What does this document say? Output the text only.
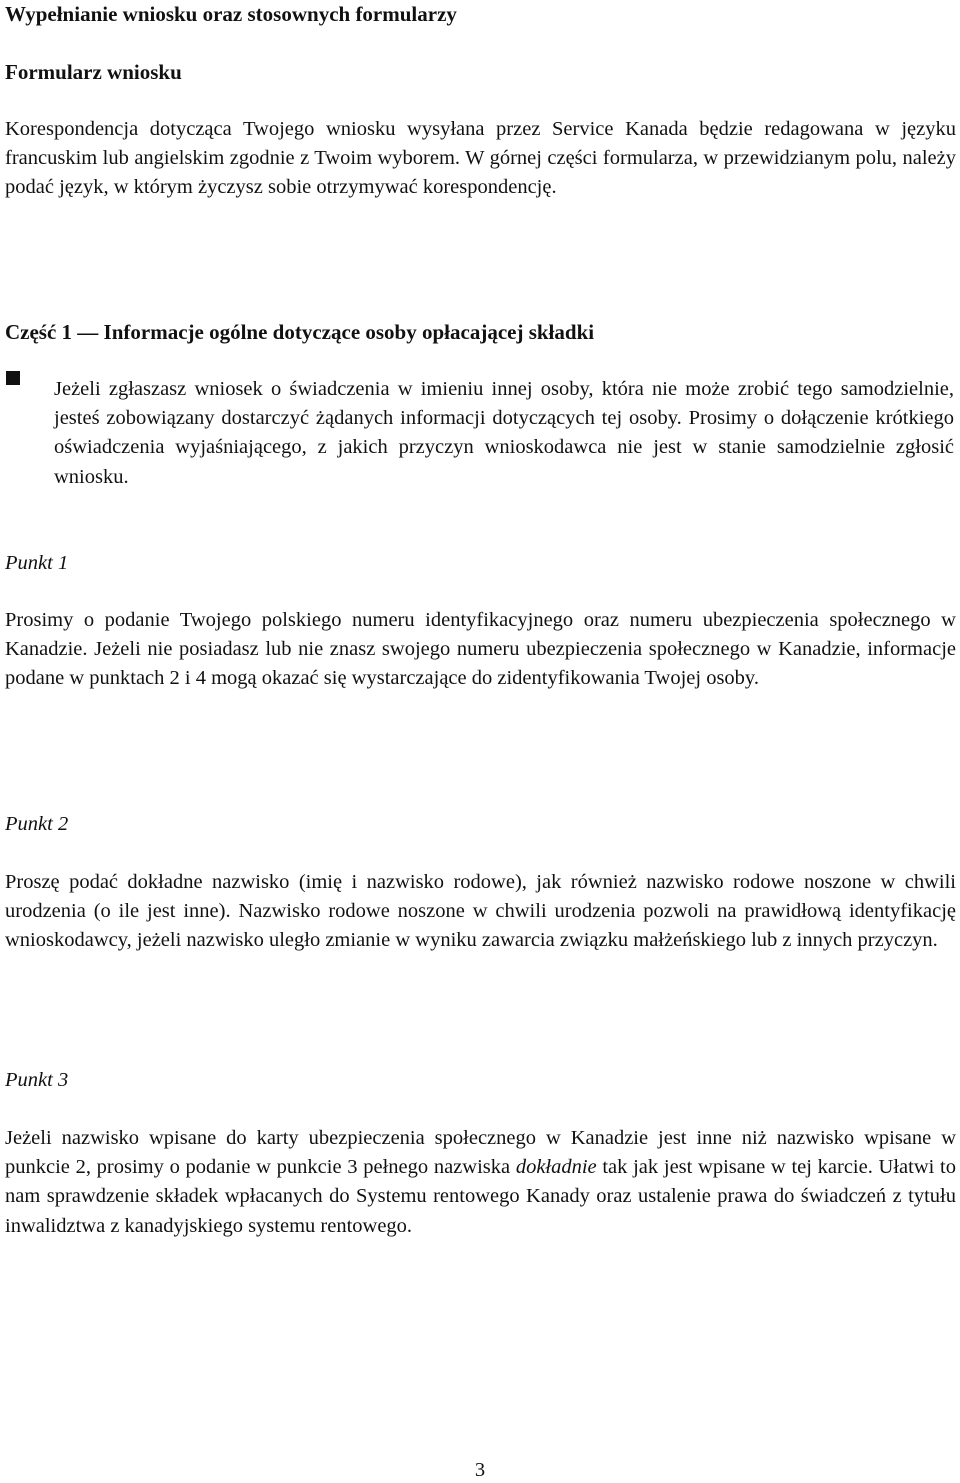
Wypełnianie wniosku oraz stosownych formularzy
Formularz wniosku
Korespondencja dotycząca Twojego wniosku wysyłana przez Service Kanada będzie redagowana w języku francuskim lub angielskim zgodnie z Twoim wyborem. W górnej części formularza, w przewidzianym polu, należy podać język, w którym życzysz sobie otrzymywać korespondencję.
Część 1 — Informacje ogólne dotyczące osoby opłacającej składki
Jeżeli zgłaszasz wniosek o świadczenia w imieniu innej osoby, która nie może zrobić tego samodzielnie, jesteś zobowiązany dostarczyć żądanych informacji dotyczących tej osoby. Prosimy o dołączenie krótkiego oświadczenia wyjaśniającego, z jakich przyczyn wnioskodawca nie jest w stanie samodzielnie zgłosić wniosku.
Punkt 1
Prosimy o podanie Twojego polskiego numeru identyfikacyjnego oraz numeru ubezpieczenia społecznego w Kanadzie. Jeżeli nie posiadasz lub nie znasz swojego numeru ubezpieczenia społecznego w Kanadzie, informacje podane w punktach 2 i 4 mogą okazać się wystarczające do zidentyfikowania Twojej osoby.
Punkt 2
Proszę podać dokładne nazwisko (imię i nazwisko rodowe), jak również nazwisko rodowe noszone w chwili urodzenia (o ile jest inne). Nazwisko rodowe noszone w chwili urodzenia pozwoli na prawidłową identyfikację wnioskodawcy, jeżeli nazwisko uległo zmianie w wyniku zawarcia związku małżeńskiego lub z innych przyczyn.
Punkt 3
Jeżeli nazwisko wpisane do karty ubezpieczenia społecznego w Kanadzie jest inne niż nazwisko wpisane w punkcie 2, prosimy o podanie w punkcie 3 pełnego nazwiska dokładnie tak jak jest wpisane w tej karcie. Ułatwi to nam sprawdzenie składek wpłacanych do Systemu rentowego Kanady oraz ustalenie prawa do świadczeń z tytułu inwalidztwa z kanadyjskiego systemu rentowego.
3
